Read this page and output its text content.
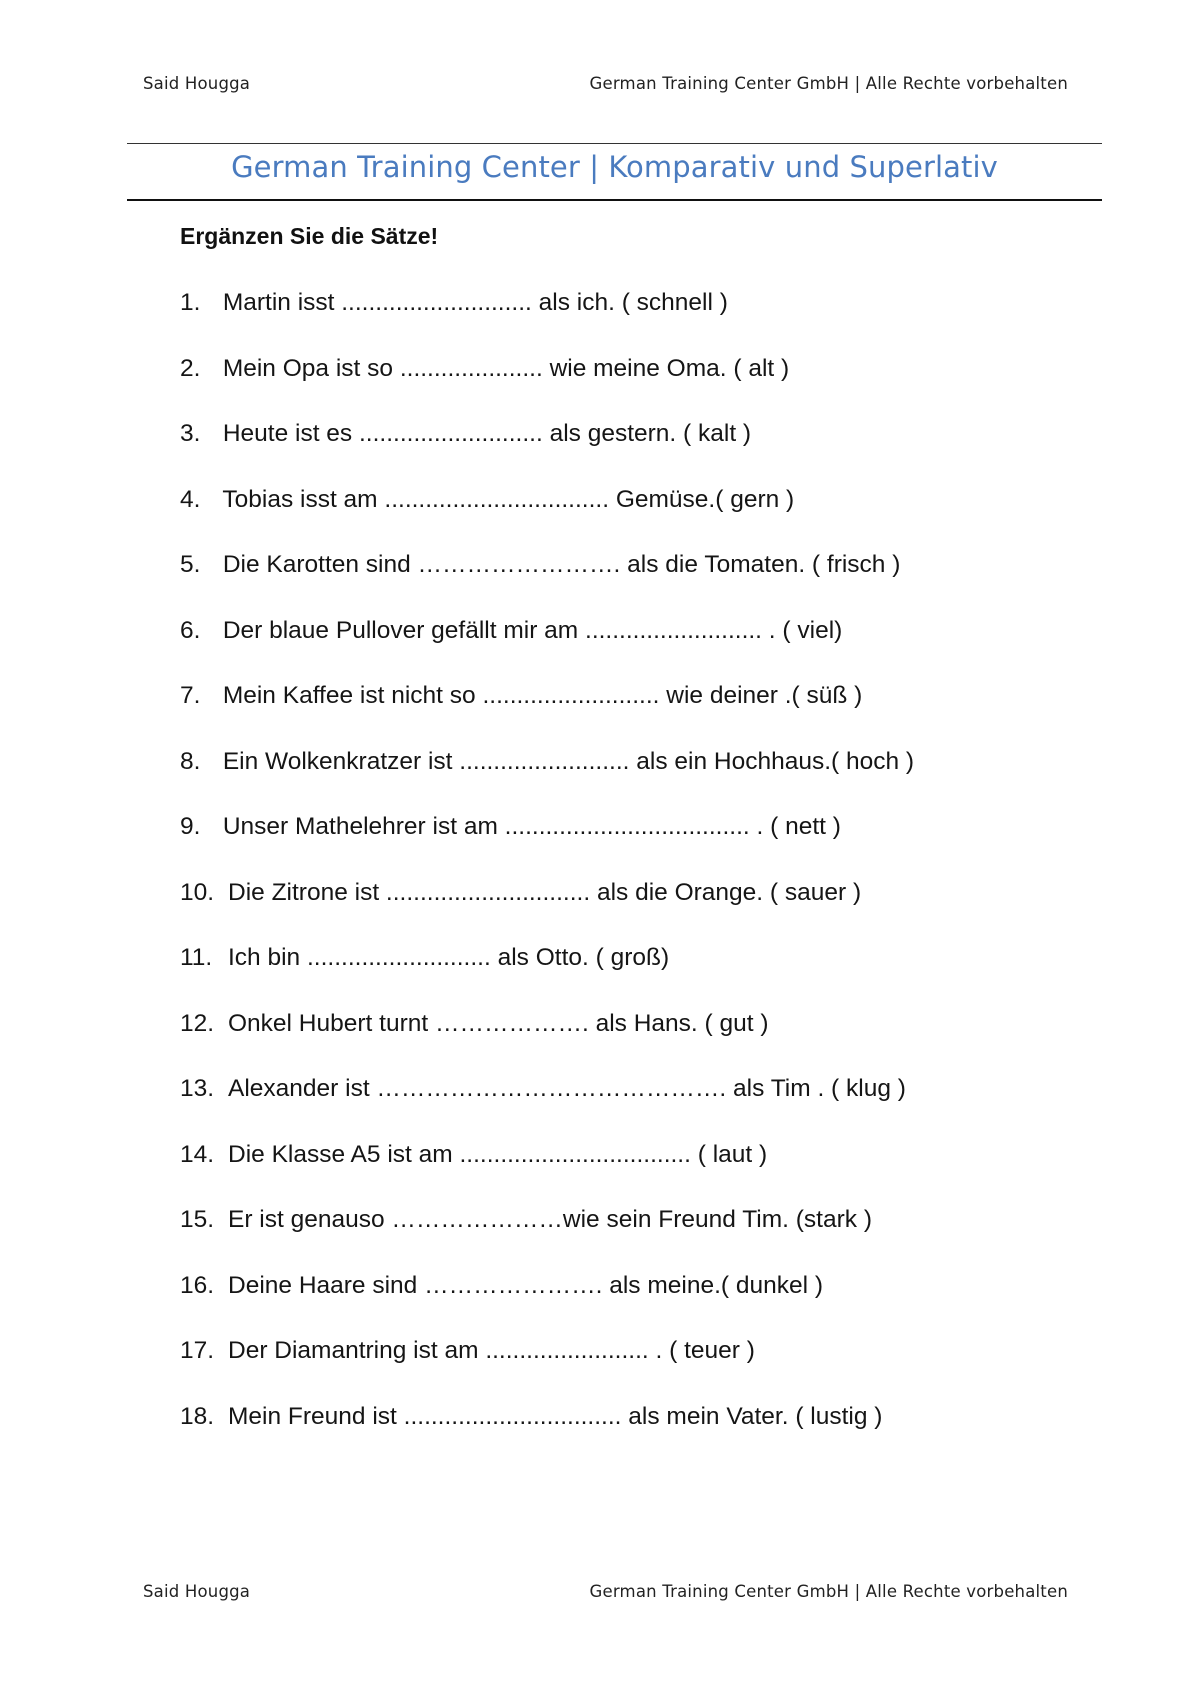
Said Hougga	German Training Center GmbH | Alle Rechte vorbehalten
German Training Center | Komparativ und Superlativ
Ergänzen Sie die Sätze!
1. Martin isst ............................ als ich. ( schnell )
2. Mein Opa ist so ..................... wie meine Oma. ( alt )
3. Heute ist es ........................... als gestern. ( kalt )
4. Tobias isst am ................................. Gemüse.( gern )
5. Die Karotten sind ……………………. als die Tomaten. ( frisch )
6. Der blaue Pullover gefällt mir am .......................... . ( viel)
7. Mein Kaffee ist nicht so .......................... wie deiner .( süß )
8. Ein Wolkenkratzer ist ......................... als ein Hochhaus.( hoch )
9. Unser Mathelehrer ist am .................................... . ( nett )
10. Die Zitrone ist .............................. als die Orange. ( sauer )
11. Ich bin ........................... als Otto. ( groß)
12. Onkel Hubert turnt ………………. als Hans. ( gut )
13. Alexander ist ……………………………………. als Tim . ( klug )
14. Die Klasse A5 ist am .................................. ( laut )
15. Er ist genauso …………………wie sein Freund Tim. (stark )
16. Deine Haare sind …………………. als meine.( dunkel )
17. Der Diamantring ist am ........................ . ( teuer )
18. Mein Freund ist ................................ als mein Vater. ( lustig )
Said Hougga	German Training Center GmbH | Alle Rechte vorbehalten
